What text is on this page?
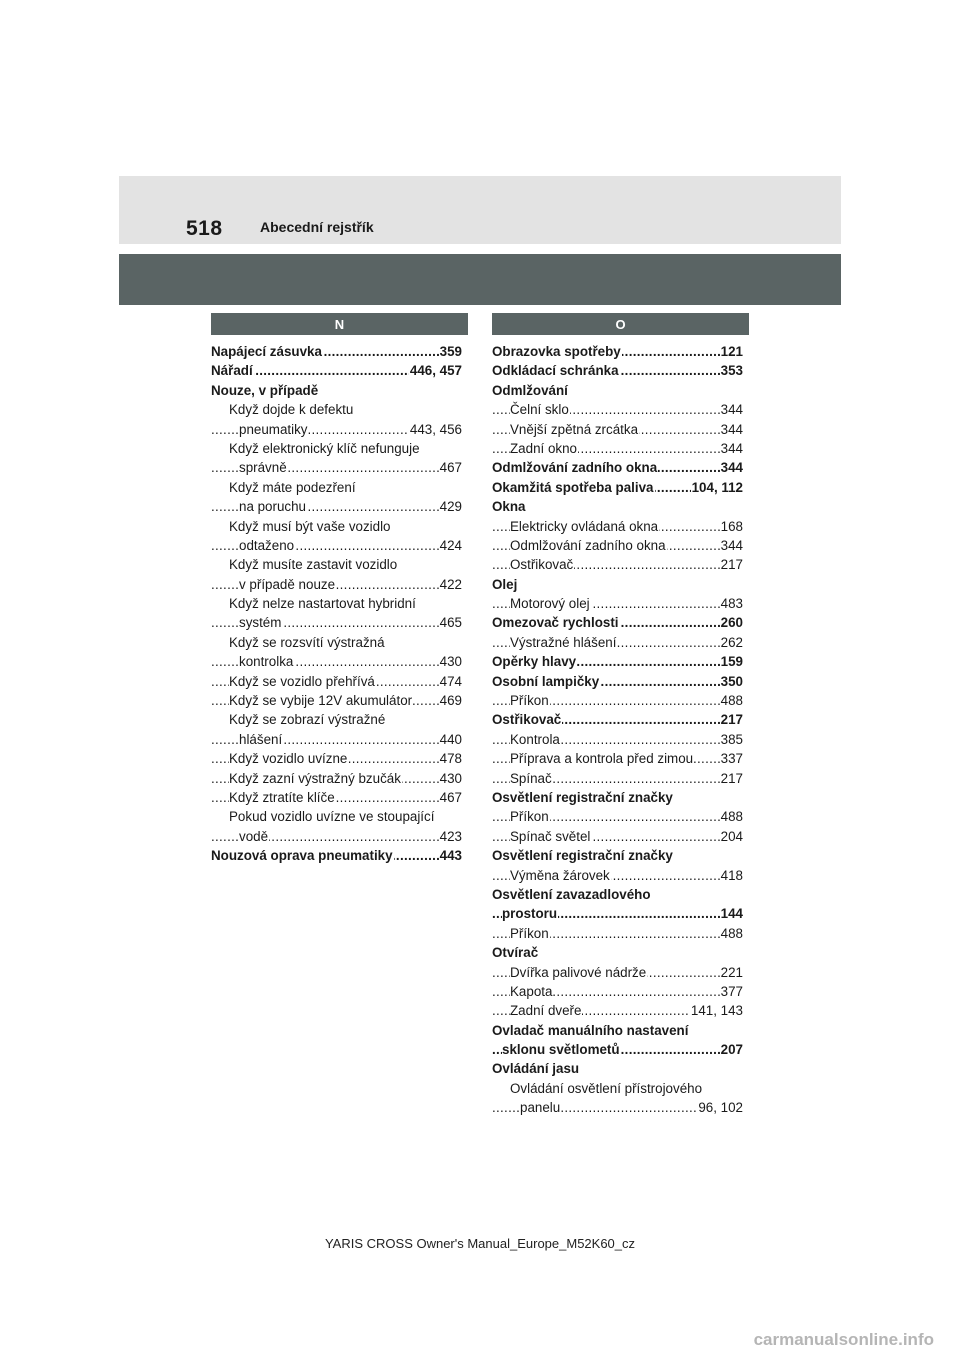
518	Abecední rejstřík
N	O
Napájecí zásuvka	359
.....
Nářadí	446, 457
.....
Nouze, v případě
Když dojde k defektu
pneumatiky	443, 456
.....
Když elektronický klíč nefunguje
správně	467
.....
Když máte podezření
na poruchu	429
.....
Když musí být vaše vozidlo
odtaženo	424
.....
Když musíte zastavit vozidlo
v případě nouze	422
.....
Když nelze nastartovat hybridní
systém	465
.....
Když se rozsvítí výstražná
kontrolka	430
.....
Když se vozidlo přehřívá	474
.....
Když se vybije 12V akumulátor 469
.....
Když se zobrazí výstražné
hlášení	440
.....
Když vozidlo uvízne	478
.....
Když zazní výstražný bzučák	430
.....
Když ztratíte klíče	467
.....
Pokud vozidlo uvízne ve stoupající
vodě	423
.....
Nouzová oprava pneumatiky	443
.....
Obrazovka spotřeby	121
.....
Odkládací schránka	353
.....
Odmlžování
Čelní sklo	344
.....
Vnější zpětná zrcátka	344
.....
Zadní okno	344
.....
Odmlžování zadního okna	344
.....
Okamžitá spotřeba paliva	104, 112
.....
Okna
Elektricky ovládaná okna	168
.....
Odmlžování zadního okna	344
.....
Ostřikovač	217
.....
Olej
Motorový olej	483
.....
Omezovač rychlosti	260
.....
Výstražné hlášení	262
.....
Opěrky hlavy	159
.....
Osobní lampičky	350
.....
Příkon	488
.....
Ostřikovač	217
.....
Kontrola	385
.....
Příprava a kontrola před zimou 337
.....
Spínač	217
.....
Osvětlení registrační značky
Příkon	488
.....
Spínač světel	204
.....
Osvětlení registrační značky
Výměna žárovek	418
.....
Osvětlení zavazadlového
prostoru	144
.....
Příkon	488
.....
Otvírač
Dvířka palivové nádrže	221
.....
Kapota	377
.....
Zadní dveře	141, 143
.....
Ovladač manuálního nastavení
sklonu světlometů	207
.....
Ovládání jasu
Ovládání osvětlení přístrojového
panelu	96, 102
.....
YARIS CROSS Owner's Manual_Europe_M52K60_cz
carmanualsonline.info
